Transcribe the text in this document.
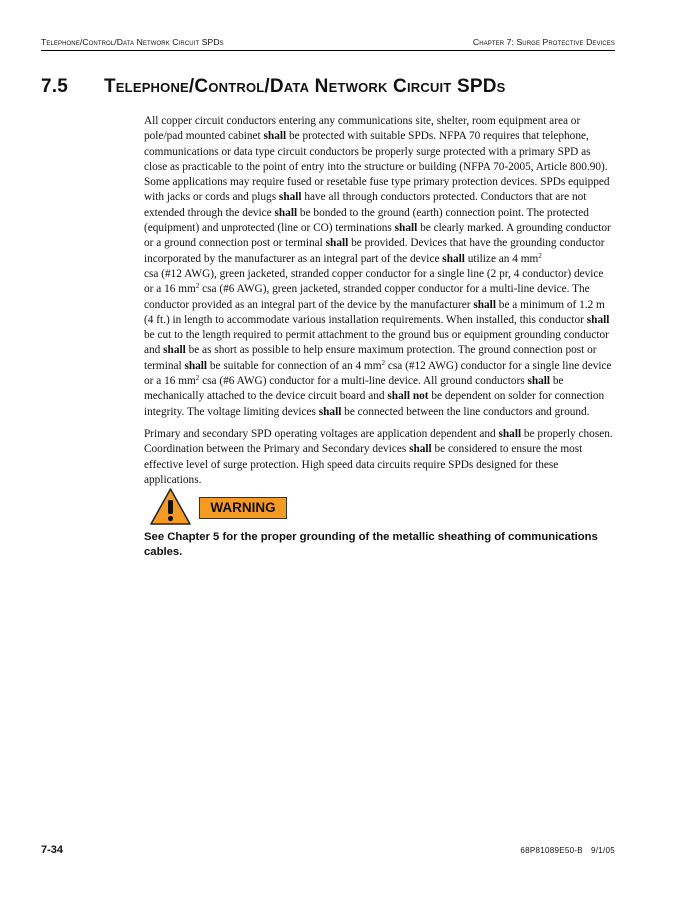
Telephone/Control/Data Network Circuit SPDs	Chapter 7: Surge Protective Devices
7.5 Telephone/Control/Data Network Circuit SPDs

All copper circuit conductors entering any communications site, shelter, room equipment area or pole/pad mounted cabinet shall be protected with suitable SPDs. NFPA 70 requires that telephone, communications or data type circuit conductors be properly surge protected with a primary SPD as close as practicable to the point of entry into the structure or building (NFPA 70-2005, Article 800.90). Some applications may require fused or resetable fuse type primary protection devices. SPDs equipped with jacks or cords and plugs shall have all through conductors protected. Conductors that are not extended through the device shall be bonded to the ground (earth) connection point. The protected (equipment) and unprotected (line or CO) terminations shall be clearly marked. A grounding conductor or a ground connection post or terminal shall be provided. Devices that have the grounding conductor incorporated by the manufacturer as an integral part of the device shall utilize an 4 $mm^2$
csa (#12 AWG), green jacketed, stranded copper conductor for a single line (2 pr, 4 conductor) device or a 16 $mm^2$ csa (#6 AWG), green jacketed, stranded copper conductor for a multi-line device. The conductor provided as an integral part of the device by the manufacturer shall be a minimum of 1.2 m (4 ft.) in length to accommodate various installation requirements. When installed, this conductor shall be cut to the length required to permit attachment to the ground bus or equipment grounding conductor and shall be as short as possible to help ensure maximum protection. The ground connection post or terminal shall be suitable for connection of an 4 $mm^2$ csa (#12 AWG) conductor for a single line device or a 16 $mm^2$ csa (#6 AWG) conductor for a multi-line device. All ground conductors shall be mechanically attached to the device circuit board and shall not be dependent on solder for connection integrity. The voltage limiting devices shall be connected between the line conductors and ground.

Primary and secondary SPD operating voltages are application dependent and shall be properly chosen. Coordination between the Primary and Secondary devices shall be considered to ensure the most effective level of surge protection. High speed data circuits require SPDs designed for these applications.

WARNING
See Chapter 5 for the proper grounding of the metallic sheathing of communications cables.
7-34	68P81089E50-B 9/1/05
